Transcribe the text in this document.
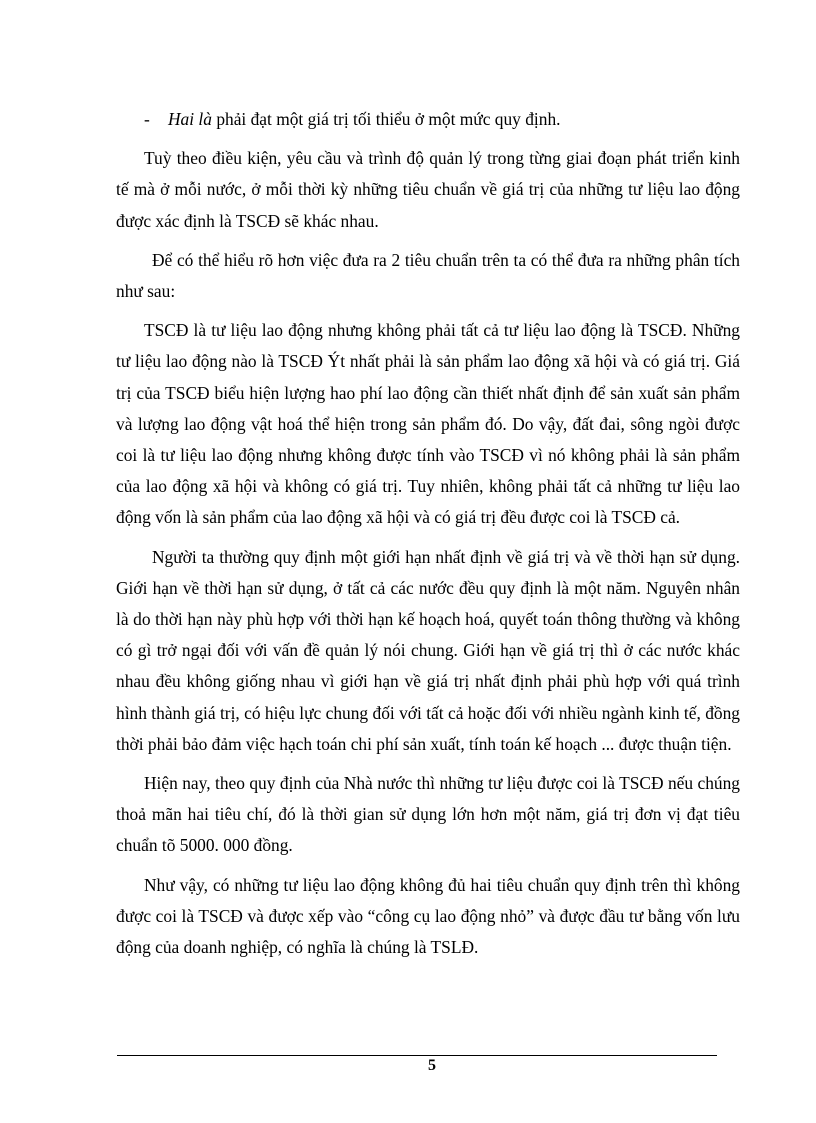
- Hai là phải đạt một giá trị tối thiểu ở một mức quy định.

Tuỳ theo điều kiện, yêu cầu và trình độ quản lý trong từng giai đoạn phát triển kinh tế mà ở mỗi nước, ở mỗi thời kỳ những tiêu chuẩn về giá trị của những tư liệu lao động được xác định là TSCĐ sẽ khác nhau.

Để có thể hiểu rõ hơn việc đưa ra 2 tiêu chuẩn trên ta có thể đưa ra những phân tích như sau:

TSCĐ là tư liệu lao động nhưng không phải tất cả tư liệu lao động là TSCĐ. Những tư liệu lao động nào là TSCĐ Ýt nhất phải là sản phẩm lao động xã hội và có giá trị. Giá trị của TSCĐ biểu hiện lượng hao phí lao động cần thiết nhất định để sản xuất sản phẩm và lượng lao động vật hoá thể hiện trong sản phẩm đó. Do vậy, đất đai, sông ngòi được coi là tư liệu lao động nhưng không được tính vào TSCĐ vì nó không phải là sản phẩm của lao động xã hội và không có giá trị. Tuy nhiên, không phải tất cả những tư liệu lao động vốn là sản phẩm của lao động xã hội và có giá trị đều được coi là TSCĐ cả.

Người ta thường quy định một giới hạn nhất định về giá trị và về thời hạn sử dụng. Giới hạn về thời hạn sử dụng, ở tất cả các nước đều quy định là một năm. Nguyên nhân là do thời hạn này phù hợp với thời hạn kế hoạch hoá, quyết toán thông thường và không có gì trở ngại đối với vấn đề quản lý nói chung. Giới hạn về giá trị thì ở các nước khác nhau đều không giống nhau vì giới hạn về giá trị nhất định phải phù hợp với quá trình hình thành giá trị, có hiệu lực chung đối với tất cả hoặc đối với nhiều ngành kinh tế, đồng thời phải bảo đảm việc hạch toán chi phí sản xuất, tính toán kế hoạch ... được thuận tiện.

Hiện nay, theo quy định của Nhà nước thì những tư liệu được coi là TSCĐ nếu chúng thoả mãn hai tiêu chí, đó là thời gian sử dụng lớn hơn một năm, giá trị đơn vị đạt tiêu chuẩn tõ 5000. 000 đồng.

Như vậy, có những tư liệu lao động không đủ hai tiêu chuẩn quy định trên thì không được coi là TSCĐ và được xếp vào “công cụ lao động nhỏ” và được đầu tư bằng vốn lưu động của doanh nghiệp, có nghĩa là chúng là TSLĐ.

5
